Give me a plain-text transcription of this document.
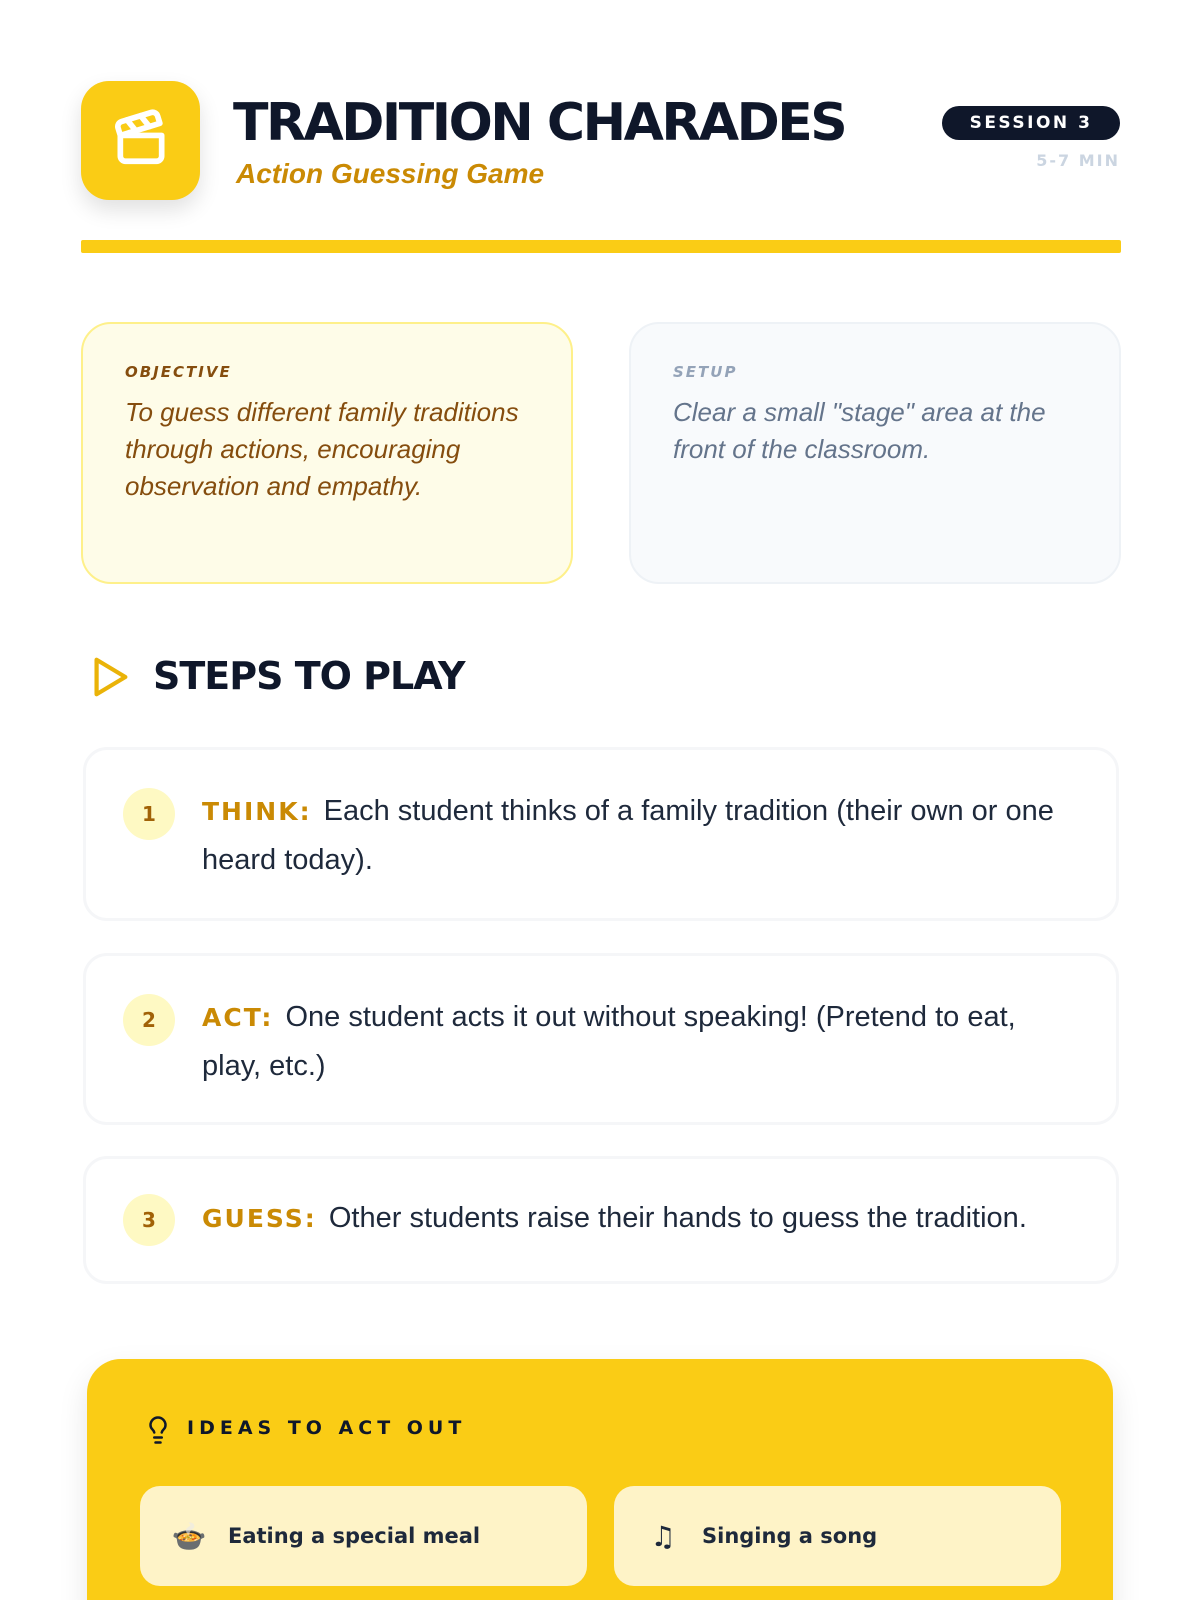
TRADITION CHARADES
Action Guessing Game
SESSION 3
5-7 MIN
OBJECTIVE
To guess different family traditions through actions, encouraging observation and empathy.
SETUP
Clear a small "stage" area at the front of the classroom.
STEPS TO PLAY
1	THINK: Each student thinks of a family tradition (their own or one heard today).
2	ACT: One student acts it out without speaking! (Pretend to eat, play, etc.)
3	GUESS: Other students raise their hands to guess the tradition.
IDEAS TO ACT OUT
🍲 Eating a special meal	♫	Singing a song
